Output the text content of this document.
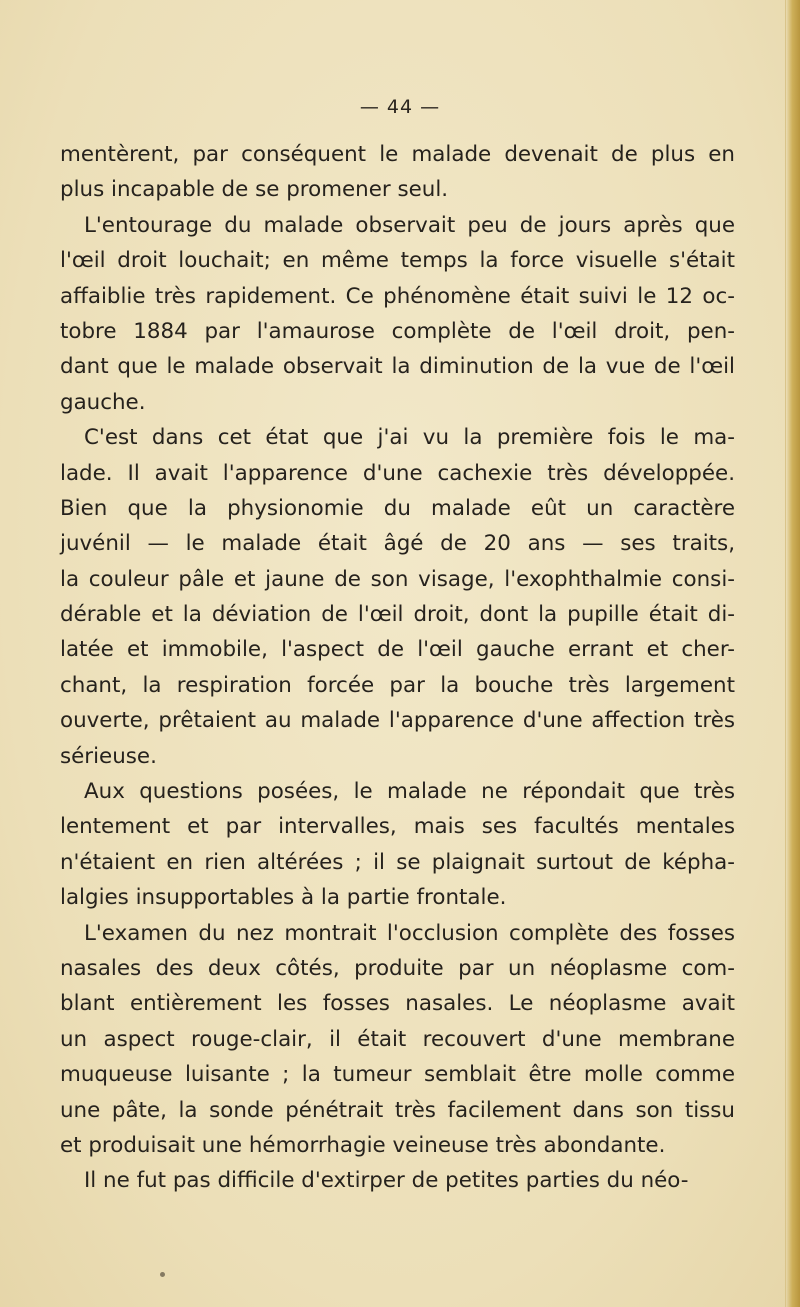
— 44 —
mentèrent, par conséquent le malade devenait de plus en
plus incapable de se promener seul.
L'entourage du malade observait peu de jours après que
l'œil droit louchait; en même temps la force visuelle s'était
affaiblie très rapidement. Ce phénomène était suivi le 12 oc-
tobre 1884 par l'amaurose complète de l'œil droit, pen-
dant que le malade observait la diminution de la vue de l'œil
gauche.
C'est dans cet état que j'ai vu la première fois le ma-
lade. Il avait l'apparence d'une cachexie très développée.
Bien que la physionomie du malade eût un caractère
juvénil — le malade était âgé de 20 ans — ses traits,
la couleur pâle et jaune de son visage, l'exophthalmie consi-
dérable et la déviation de l'œil droit, dont la pupille était di-
latée et immobile, l'aspect de l'œil gauche errant et cher-
chant, la respiration forcée par la bouche très largement
ouverte, prêtaient au malade l'apparence d'une affection très
sérieuse.
Aux questions posées, le malade ne répondait que très
lentement et par intervalles, mais ses facultés mentales
n'étaient en rien altérées ; il se plaignait surtout de képha-
lalgies insupportables à la partie frontale.
L'examen du nez montrait l'occlusion complète des fosses
nasales des deux côtés, produite par un néoplasme com-
blant entièrement les fosses nasales. Le néoplasme avait
un aspect rouge-clair, il était recouvert d'une membrane
muqueuse luisante ; la tumeur semblait être molle comme
une pâte, la sonde pénétrait très facilement dans son tissu
et produisait une hémorrhagie veineuse très abondante.
Il ne fut pas difficile d'extirper de petites parties du néo-
